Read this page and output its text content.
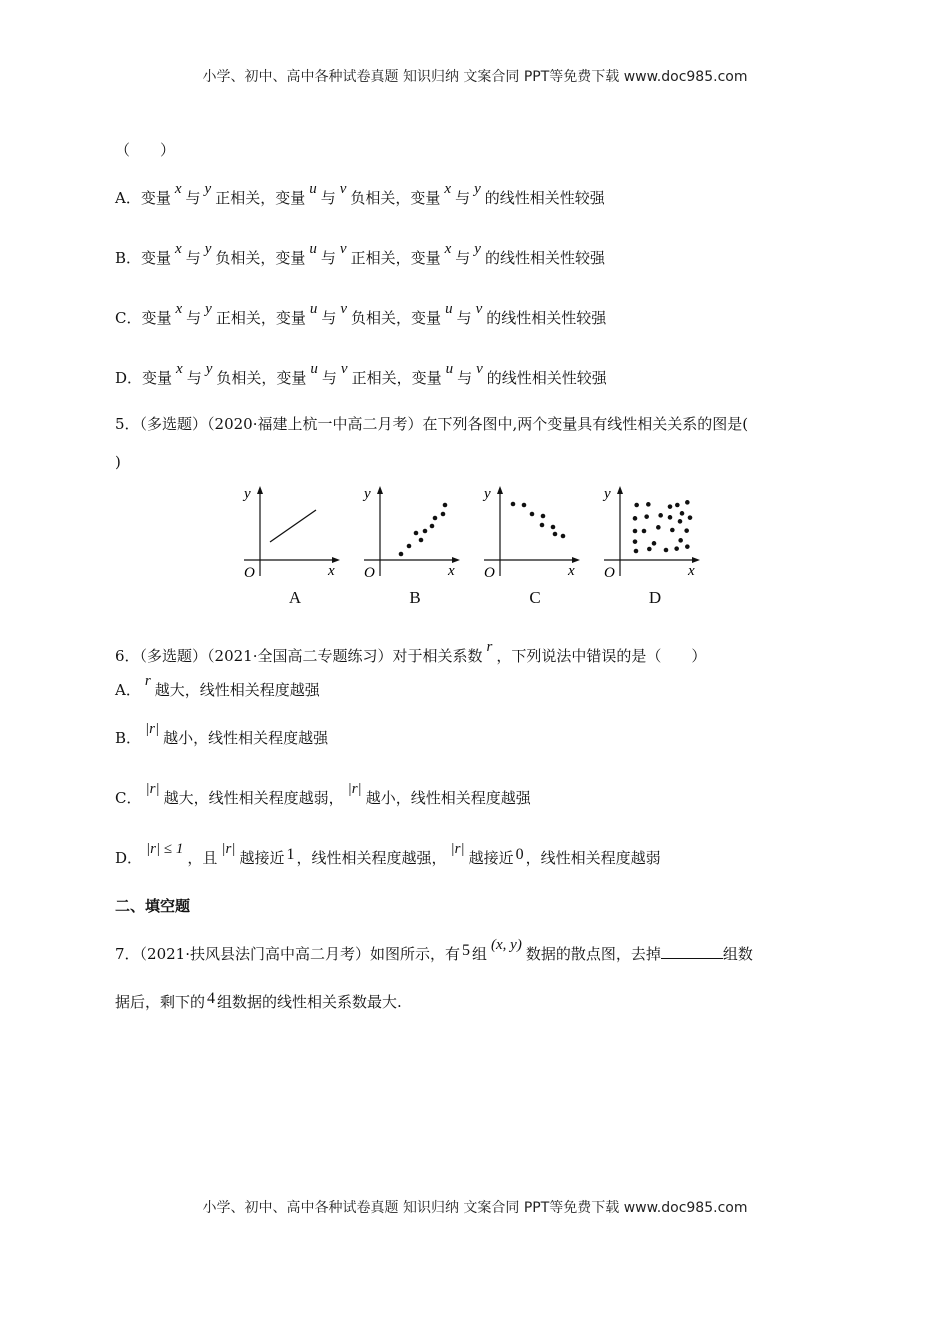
小学、初中、高中各种试卷真题 知识归纳 文案合同 PPT等免费下载 www.doc985.com
（　　）
A．变量 x 与 y 正相关，变量 u 与 v 负相关，变量 x 与 y 的线性相关性较强
B．变量 x 与 y 负相关，变量 u 与 v 正相关，变量 x 与 y 的线性相关性较强
C．变量 x 与 y 正相关，变量 u 与 v 负相关，变量 u 与 v 的线性相关性较强
D．变量 x 与 y 负相关，变量 u 与 v 正相关，变量 u 与 v 的线性相关性较强
5．（多选题）（2020·福建上杭一中高二月考）在下列各图中,两个变量具有线性相关关系的图是(
)
6．（多选题）（2021·全国高二专题练习）对于相关系数 r ，下列说法中错误的是（　　）
A． r 越大，线性相关程度越强
B． |r| 越小，线性相关程度越强
C． |r| 越大，线性相关程度越弱， |r| 越小，线性相关程度越强
D． |r| ≤ 1 ，且 |r| 越接近 1 ，线性相关程度越强， |r| 越接近 0 ，线性相关程度越弱
二、填空题
7．（2021·扶风县法门高中高二月考）如图所示，有 5 组 (x, y) 数据的散点图，去掉	组数
据后，剩下的 4 组数据的线性相关系数最大.
y
x
O
A
y
x
O
B
y
x
O
C
y
x
O
D
小学、初中、高中各种试卷真题 知识归纳 文案合同 PPT等免费下载 www.doc985.com
